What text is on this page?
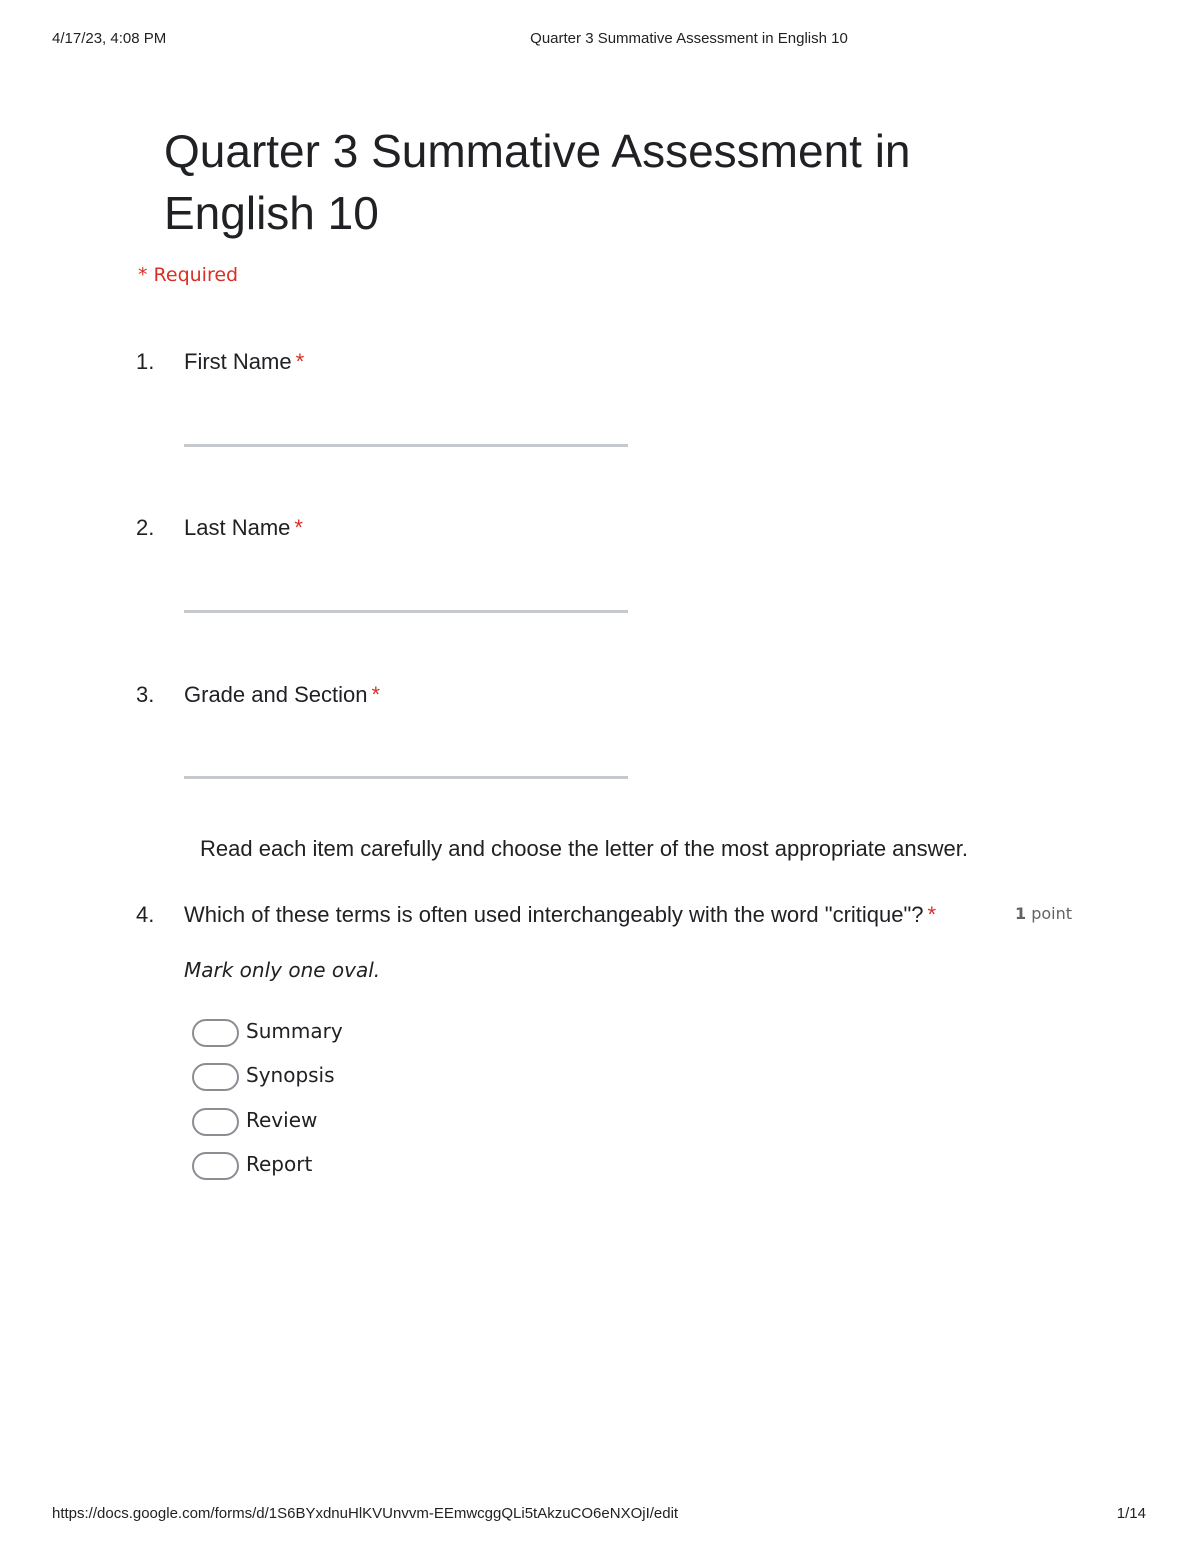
4/17/23, 4:08 PM	Quarter 3 Summative Assessment in English 10
Quarter 3 Summative Assessment in
English 10
* Required
1. First Name *
2. Last Name *
3. Grade and Section *
Read each item carefully and choose the letter of the most appropriate answer.
4. Which of these terms is often used interchangeably with the word "critique"? *	1 point
Mark only one oval.
Summary
Synopsis
Review
Report
https://docs.google.com/forms/d/1S6BYxdnuHlKVUnvvm-EEmwcggQLi5tAkzuCO6eNXOjI/edit	1/14
